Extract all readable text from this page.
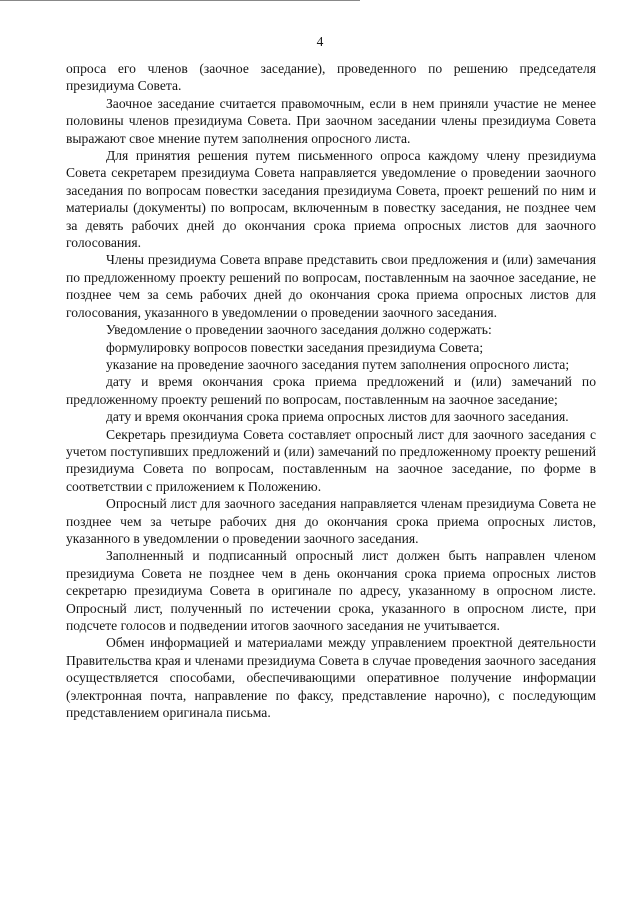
4

опроса его членов (заочное заседание), проведенного по решению председателя президиума Совета.

Заочное заседание считается правомочным, если в нем приняли участие не менее половины членов президиума Совета. При заочном заседании члены президиума Совета выражают свое мнение путем заполнения опросного листа.

Для принятия решения путем письменного опроса каждому члену президиума Совета секретарем президиума Совета направляется уведомление о проведении заочного заседания по вопросам повестки заседания президиума Совета, проект решений по ним и материалы (документы) по вопросам, включенным в повестку заседания, не позднее чем за девять рабочих дней до окончания срока приема опросных листов для заочного голосования.

Члены президиума Совета вправе представить свои предложения и (или) замечания по предложенному проекту решений по вопросам, поставленным на заочное заседание, не позднее чем за семь рабочих дней до окончания срока приема опросных листов для голосования, указанного в уведомлении о проведении заочного заседания.

Уведомление о проведении заочного заседания должно содержать:

формулировку вопросов повестки заседания президиума Совета;

указание на проведение заочного заседания путем заполнения опросного листа;

дату и время окончания срока приема предложений и (или) замечаний по предложенному проекту решений по вопросам, поставленным на заочное заседание;

дату и время окончания срока приема опросных листов для заочного заседания.

Секретарь президиума Совета составляет опросный лист для заочного заседания с учетом поступивших предложений и (или) замечаний по предложенному проекту решений президиума Совета по вопросам, поставленным на заочное заседание, по форме в соответствии с приложением к Положению.

Опросный лист для заочного заседания направляется членам президиума Совета не позднее чем за четыре рабочих дня до окончания срока приема опросных листов, указанного в уведомлении о проведении заочного заседания.

Заполненный и подписанный опросный лист должен быть направлен членом президиума Совета не позднее чем в день окончания срока приема опросных листов секретарю президиума Совета в оригинале по адресу, указанному в опросном листе. Опросный лист, полученный по истечении срока, указанного в опросном листе, при подсчете голосов и подведении итогов заочного заседания не учитывается.

Обмен информацией и материалами между управлением проектной деятельности Правительства края и членами президиума Совета в случае проведения заочного заседания осуществляется способами, обеспечивающими оперативное получение информации (электронная почта, направление по факсу, представление нарочно), с последующим представлением оригинала письма.
